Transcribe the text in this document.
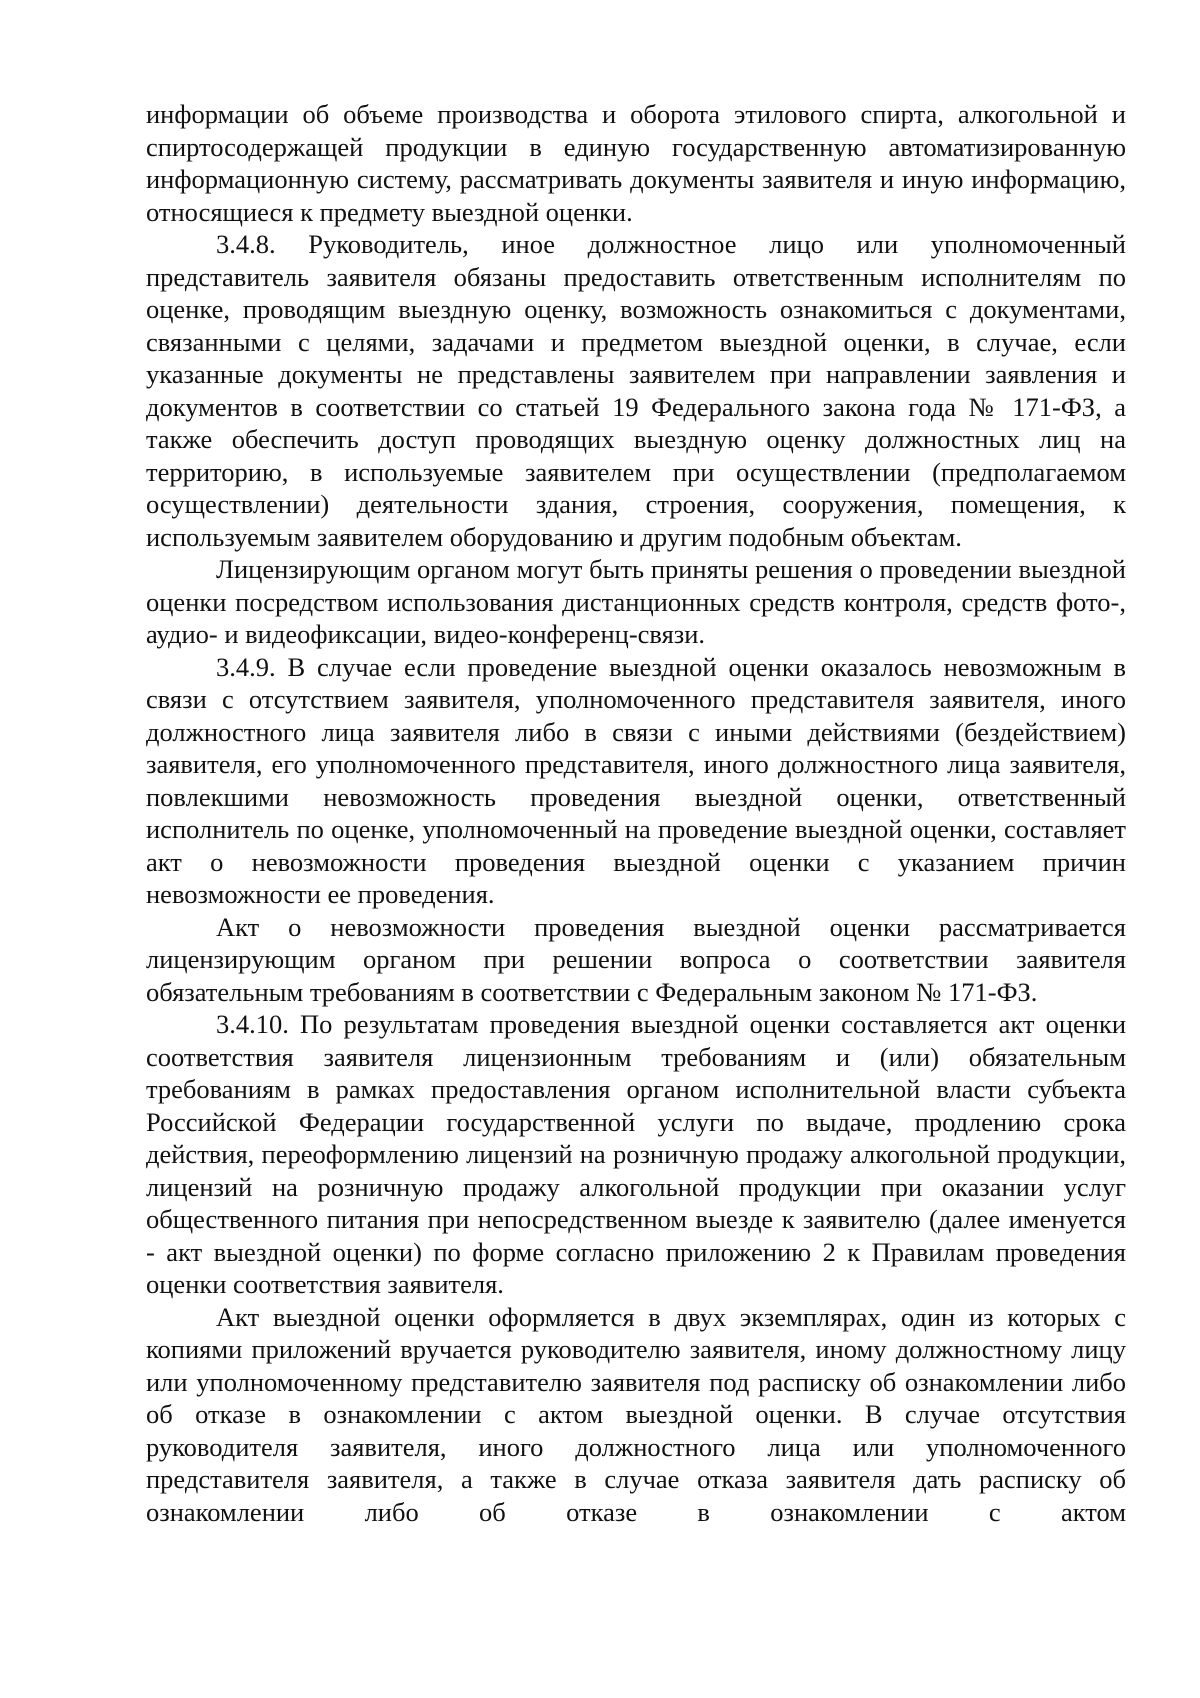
информации об объеме производства и оборота этилового спирта, алкогольной и спиртосодержащей продукции в единую государственную автоматизированную информационную систему, рассматривать документы заявителя и иную информацию, относящиеся к предмету выездной оценки.

3.4.8. Руководитель, иное должностное лицо или уполномоченный представитель заявителя обязаны предоставить ответственным исполнителям по оценке, проводящим выездную оценку, возможность ознакомиться с документами, связанными с целями, задачами и предметом выездной оценки, в случае, если указанные документы не представлены заявителем при направлении заявления и документов в соответствии со статьей 19 Федерального закона года № 171-ФЗ, а также обеспечить доступ проводящих выездную оценку должностных лиц на территорию, в используемые заявителем при осуществлении (предполагаемом осуществлении) деятельности здания, строения, сооружения, помещения, к используемым заявителем оборудованию и другим подобным объектам.

Лицензирующим органом могут быть приняты решения о проведении выездной оценки посредством использования дистанционных средств контроля, средств фото-, аудио- и видеофиксации, видео-конференц-связи.

3.4.9. В случае если проведение выездной оценки оказалось невозможным в связи с отсутствием заявителя, уполномоченного представителя заявителя, иного должностного лица заявителя либо в связи с иными действиями (бездействием) заявителя, его уполномоченного представителя, иного должностного лица заявителя, повлекшими невозможность проведения выездной оценки, ответственный исполнитель по оценке, уполномоченный на проведение выездной оценки, составляет акт о невозможности проведения выездной оценки с указанием причин невозможности ее проведения.

Акт о невозможности проведения выездной оценки рассматривается лицензирующим органом при решении вопроса о соответствии заявителя обязательным требованиям в соответствии с Федеральным законом № 171-ФЗ.

3.4.10. По результатам проведения выездной оценки составляется акт оценки соответствия заявителя лицензионным требованиям и (или) обязательным требованиям в рамках предоставления органом исполнительной власти субъекта Российской Федерации государственной услуги по выдаче, продлению срока действия, переоформлению лицензий на розничную продажу алкогольной продукции, лицензий на розничную продажу алкогольной продукции при оказании услуг общественного питания при непосредственном выезде к заявителю (далее именуется - акт выездной оценки) по форме согласно приложению 2 к Правилам проведения оценки соответствия заявителя.

Акт выездной оценки оформляется в двух экземплярах, один из которых с копиями приложений вручается руководителю заявителя, иному должностному лицу или уполномоченному представителю заявителя под расписку об ознакомлении либо об отказе в ознакомлении с актом выездной оценки. В случае отсутствия руководителя заявителя, иного должностного лица или уполномоченного представителя заявителя, а также в случае отказа заявителя дать расписку об ознакомлении либо об отказе в ознакомлении с актом
